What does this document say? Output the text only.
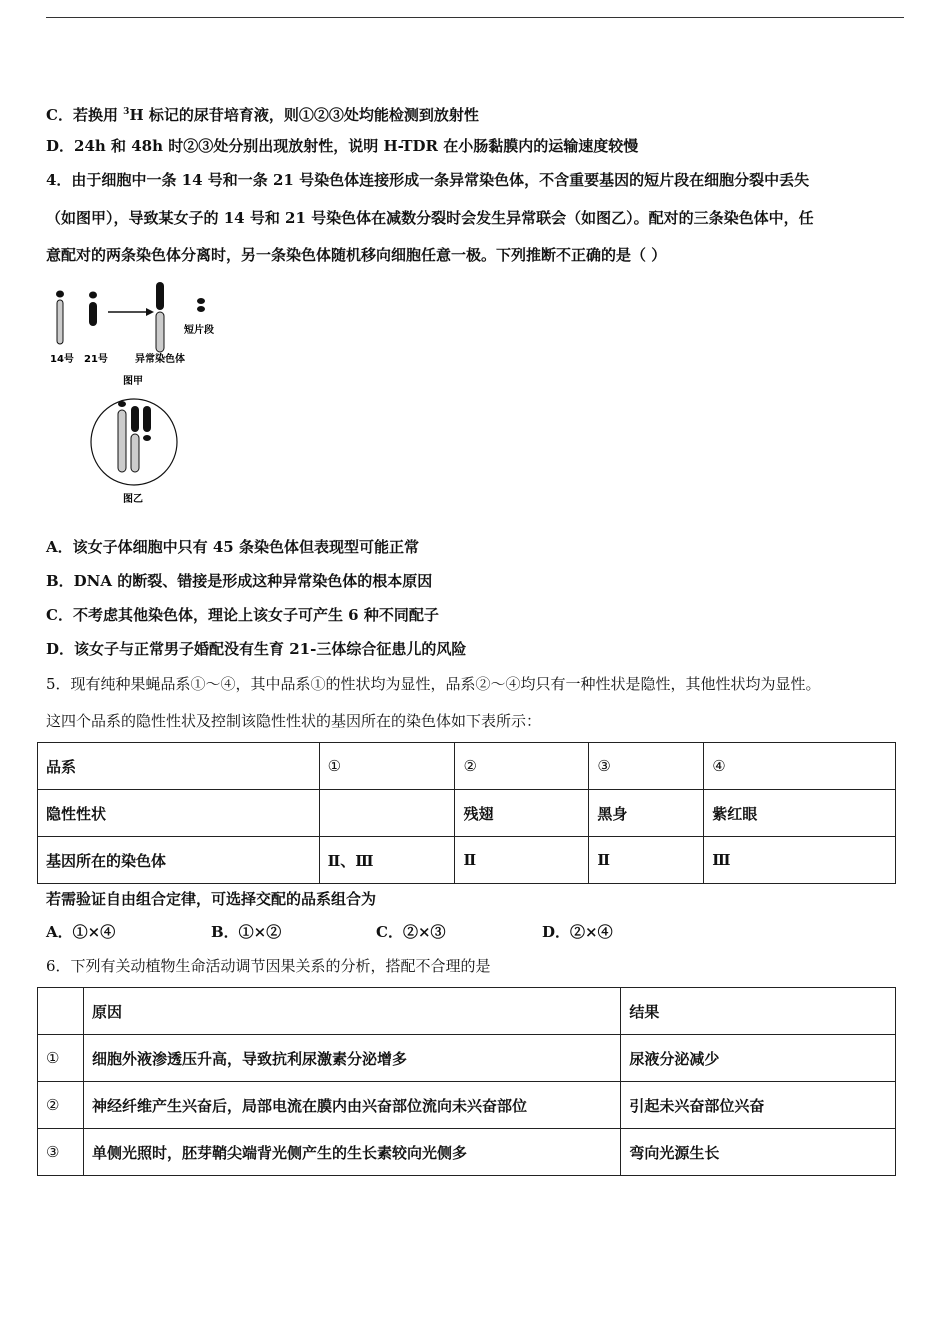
C．若换用 $^3$H 标记的尿苷培育液，则①②③处均能检测到放射性
D．24h 和 48h 时②③处分别出现放射性，说明 H-TDR 在小肠黏膜内的运输速度较慢
4．由于细胞中一条 14 号和一条 21 号染色体连接形成一条异常染色体，不含重要基因的短片段在细胞分裂中丢失
（如图甲），导致某女子的 14 号和 21 号染色体在减数分裂时会发生异常联会（如图乙）。配对的三条染色体中，任
意配对的两条染色体分离时，另一条染色体随机移向细胞任意一极。下列推断不正确的是（ ）
短片段
14号 21号	异常染色体
图甲
图乙
A．该女子体细胞中只有 45 条染色体但表现型可能正常
B．DNA 的断裂、错接是形成这种异常染色体的根本原因
C．不考虑其他染色体，理论上该女子可产生 6 种不同配子
D．该女子与正常男子婚配没有生育 21-三体综合征患儿的风险
5．现有纯种果蝇品系①～④，其中品系①的性状均为显性，品系②～④均只有一种性状是隐性，其他性状均为显性。
这四个品系的隐性性状及控制该隐性性状的基因所在的染色体如下表所示：
品系	①	②	③	④
隐性性状		残翅	黑身	紫红眼
基因所在的染色体	Ⅱ、Ⅲ	Ⅱ	Ⅱ	Ⅲ
若需验证自由组合定律，可选择交配的品系组合为
A．①×④	B．①×②	C．②×③	D．②×④
6．下列有关动植物生命活动调节因果关系的分析，搭配不合理的是
	原因	结果
①	细胞外液渗透压升高，导致抗利尿激素分泌增多	尿液分泌减少
②	神经纤维产生兴奋后，局部电流在膜内由兴奋部位流向未兴奋部位	引起未兴奋部位兴奋
③	单侧光照时，胚芽鞘尖端背光侧产生的生长素较向光侧多	弯向光源生长
